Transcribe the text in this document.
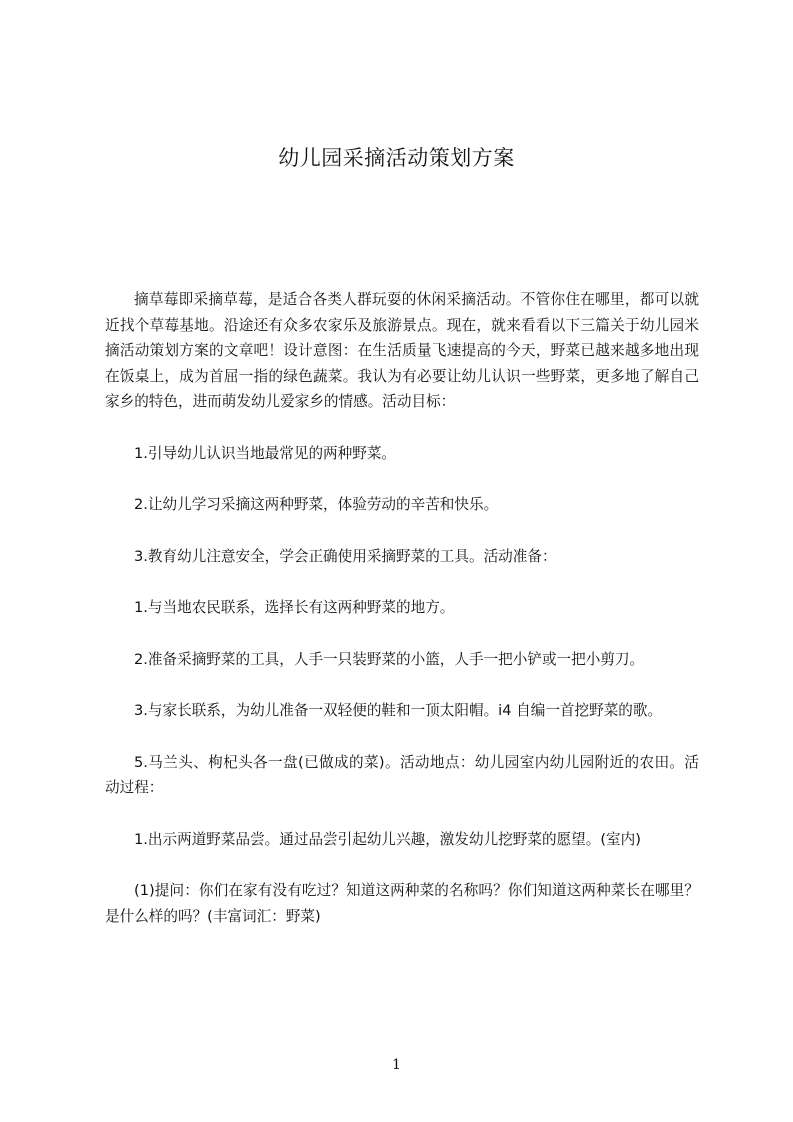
幼儿园采摘活动策划方案

摘草莓即采摘草莓，是适合各类人群玩耍的休闲采摘活动。不管你住在哪里，都可以就近找个草莓基地。沿途还有众多农家乐及旅游景点。现在，就来看看以下三篇关于幼儿园米摘活动策划方案的文章吧！设计意图：在生活质量飞速提高的今天，野菜已越来越多地出现在饭桌上，成为首屈一指的绿色蔬菜。我认为有必要让幼儿认识一些野菜，更多地了解自己家乡的特色，进而萌发幼儿爱家乡的情感。活动目标：

1.引导幼儿认识当地最常见的两种野菜。

2.让幼儿学习采摘这两种野菜，体验劳动的辛苦和快乐。

3.教育幼儿注意安全，学会正确使用采摘野菜的工具。活动准备：

1.与当地农民联系，选择长有这两种野菜的地方。

2.准备采摘野菜的工具，人手一只装野菜的小篮，人手一把小铲或一把小剪刀。

3.与家长联系，为幼儿准备一双轻便的鞋和一顶太阳帽。i4 自编一首挖野菜的歌。

5.马兰头、枸杞头各一盘(已做成的菜)。活动地点：幼儿园室内幼儿园附近的农田。活动过程：

1.出示两道野菜品尝。通过品尝引起幼儿兴趣，激发幼儿挖野菜的愿望。(室内)

(1)提问：你们在家有没有吃过？知道这两种菜的名称吗？你们知道这两种菜长在哪里？是什么样的吗？(丰富词汇：野菜)

1
